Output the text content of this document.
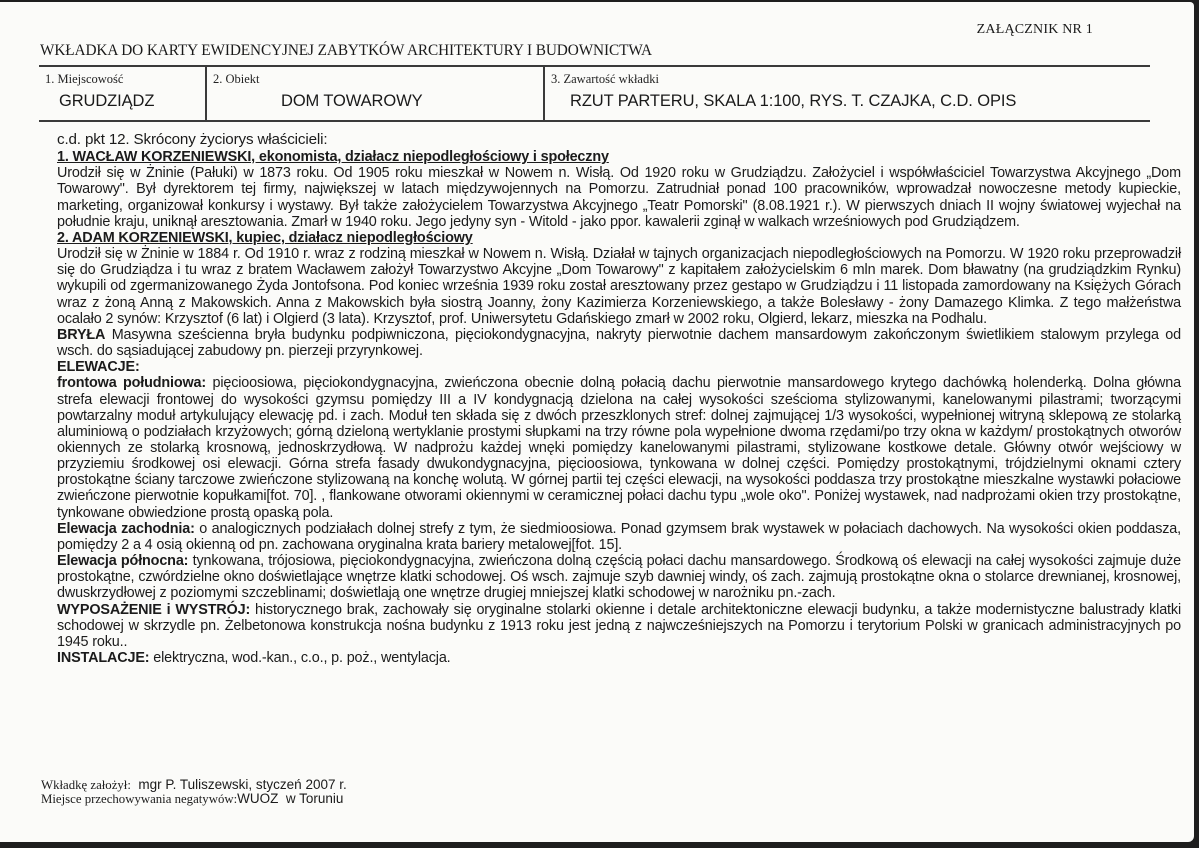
ZAŁĄCZNIK NR 1
WKŁADKA DO KARTY EWIDENCYJNEJ ZABYTKÓW ARCHITEKTURY I BUDOWNICTWA
1. Miejscowość
GRUDZIĄDZ
2. Obiekt
DOM TOWAROWY
3. Zawartość wkładki
RZUT PARTERU, SKALA 1:100, RYS. T. CZAJKA, C.D. OPIS

c.d. pkt 12. Skrócony życiorys właścicieli:

1. WACŁAW KORZENIEWSKI, ekonomista, działacz niepodległościowy i społeczny

Urodził się w Żninie (Pałuki) w 1873 roku. Od 1905 roku mieszkał w Nowem n. Wisłą. Od 1920 roku w Grudziądzu. Założyciel i współwłaściciel Towarzystwa Akcyjnego „Dom Towarowy". Był dyrektorem tej firmy, największej w latach międzywojennych na Pomorzu. Zatrudniał ponad 100 pracowników, wprowadzał nowoczesne metody kupieckie, marketing, organizował konkursy i wystawy. Był także założycielem Towarzystwa Akcyjnego „Teatr Pomorski" (8.08.1921 r.). W pierwszych dniach II wojny światowej wyjechał na południe kraju, uniknął aresztowania. Zmarł w 1940 roku. Jego jedyny syn - Witold - jako ppor. kawalerii zginął w walkach wrześniowych pod Grudziądzem.

2. ADAM KORZENIEWSKI, kupiec, działacz niepodległościowy

Urodził się w Żninie w 1884 r. Od 1910 r. wraz z rodziną mieszkał w Nowem n. Wisłą. Działał w tajnych organizacjach niepodległościowych na Pomorzu. W 1920 roku przeprowadził się do Grudziądza i tu wraz z bratem Wacławem założył Towarzystwo Akcyjne „Dom Towarowy" z kapitałem założycielskim 6 mln marek. Dom bławatny (na grudziądzkim Rynku) wykupili od zgermanizowanego Żyda Jontofsona. Pod koniec września 1939 roku został aresztowany przez gestapo w Grudziądzu i 11 listopada zamordowany na Księżych Górach wraz z żoną Anną z Makowskich. Anna z Makowskich była siostrą Joanny, żony Kazimierza Korzeniewskiego, a także Bolesławy - żony Damazego Klimka. Z tego małżeństwa ocalało 2 synów: Krzysztof (6 lat) i Olgierd (3 lata). Krzysztof, prof. Uniwersytetu Gdańskiego zmarł w 2002 roku, Olgierd, lekarz, mieszka na Podhalu.

BRYŁA Masywna sześcienna bryła budynku podpiwniczona, pięciokondygnacyjna, nakryty pierwotnie dachem mansardowym zakończonym świetlikiem stalowym przylega od wsch. do sąsiadującej zabudowy pn. pierzeji przyrynkowej.

ELEWACJE:

frontowa południowa: pięcioosiowa, pięciokondygnacyjna, zwieńczona obecnie dolną połacią dachu pierwotnie mansardowego krytego dachówką holenderką. Dolna główna strefa elewacji frontowej do wysokości gzymsu pomiędzy III a IV kondygnacją dzielona na całej wysokości sześcioma stylizowanymi, kanelowanymi pilastrami; tworzącymi powtarzalny moduł artykulujący elewację pd. i zach. Moduł ten składa się z dwóch przeszklonych stref: dolnej zajmującej 1/3 wysokości, wypełnionej witryną sklepową ze stolarką aluminiową o podziałach krzyżowych; górną dzieloną wertyklanie prostymi słupkami na trzy równe pola wypełnione dwoma rzędami/po trzy okna w każdym/ prostokątnych otworów okiennych ze stolarką krosnową, jednoskrzydłową. W nadprożu każdej wnęki pomiędzy kanelowanymi pilastrami, stylizowane kostkowe detale. Główny otwór wejściowy w przyziemiu środkowej osi elewacji. Górna strefa fasady dwukondygnacyjna, pięcioosiowa, tynkowana w dolnej części. Pomiędzy prostokątnymi, trójdzielnymi oknami cztery prostokątne ściany tarczowe zwieńczone stylizowaną na konchę wolutą. W górnej partii tej części elewacji, na wysokości poddasza trzy prostokątne mieszkalne wystawki połaciowe zwieńczone pierwotnie kopułkami[fot. 70]. , flankowane otworami okiennymi w ceramicznej połaci dachu typu „wole oko". Poniżej wystawek, nad nadprożami okien trzy prostokątne, tynkowane obwiedzione prostą opaską pola.

Elewacja zachodnia: o analogicznych podziałach dolnej strefy z tym, że siedmioosiowa. Ponad gzymsem brak wystawek w połaciach dachowych. Na wysokości okien poddasza, pomiędzy 2 a 4 osią okienną od pn. zachowana oryginalna krata bariery metalowej[fot. 15].

Elewacja północna: tynkowana, trójosiowa, pięciokondygnacyjna, zwieńczona dolną częścią połaci dachu mansardowego. Środkową oś elewacji na całej wysokości zajmuje duże prostokątne, czwórdzielne okno doświetlające wnętrze klatki schodowej. Oś wsch. zajmuje szyb dawniej windy, oś zach. zajmują prostokątne okna o stolarce drewnianej, krosnowej, dwuskrzydłowej z poziomymi szczeblinami; doświetlają one wnętrze drugiej mniejszej klatki schodowej w narożniku pn.-zach.

WYPOSAŻENIE i WYSTRÓJ: historycznego brak, zachowały się oryginalne stolarki okienne i detale architektoniczne elewacji budynku, a także modernistyczne balustrady klatki schodowej w skrzydle pn. Żelbetonowa konstrukcja nośna budynku z 1913 roku jest jedną z najwcześniejszych na Pomorzu i terytorium Polski w granicach administracyjnych po 1945 roku..

INSTALACJE: elektryczna, wod.-kan., c.o., p. poż., wentylacja.

Wkładkę założył:  mgr P. Tuliszewski, styczeń 2007 r.
Miejsce przechowywania negatywów:WUOZ  w Toruniu
